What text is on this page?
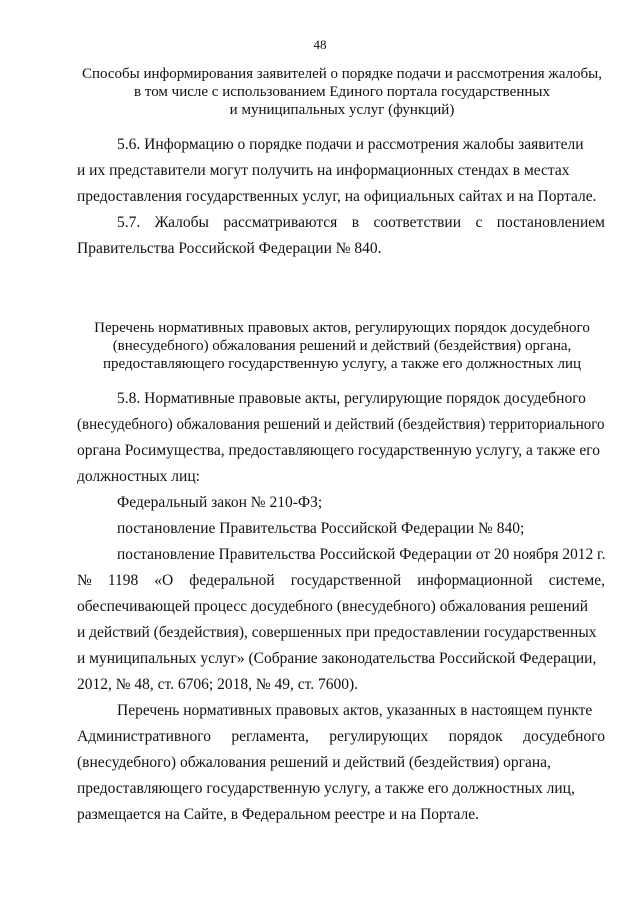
48
Способы информирования заявителей о порядке подачи и рассмотрения жалобы,
в том числе с использованием Единого портала государственных
и муниципальных услуг (функций)
5.6. Информацию о порядке подачи и рассмотрения жалобы заявители
и их представители могут получить на информационных стендах в местах
предоставления государственных услуг, на официальных сайтах и на Портале.
5.7. Жалобы рассматриваются в соответствии с постановлением
Правительства Российской Федерации № 840.
Перечень нормативных правовых актов, регулирующих порядок досудебного
(внесудебного) обжалования решений и действий (бездействия) органа,
предоставляющего государственную услугу, а также его должностных лиц
5.8. Нормативные правовые акты, регулирующие порядок досудебного
(внесудебного) обжалования решений и действий (бездействия) территориального
органа Росимущества, предоставляющего государственную услугу, а также его
должностных лиц:
Федеральный закон № 210-ФЗ;
постановление Правительства Российской Федерации № 840;
постановление Правительства Российской Федерации от 20 ноября 2012 г.
№ 1198 «О федеральной государственной информационной системе,
обеспечивающей процесс досудебного (внесудебного) обжалования решений
и действий (бездействия), совершенных при предоставлении государственных
и муниципальных услуг» (Собрание законодательства Российской Федерации,
2012, № 48, ст. 6706; 2018, № 49, ст. 7600).
Перечень нормативных правовых актов, указанных в настоящем пункте
Административного регламента, регулирующих порядок досудебного
(внесудебного) обжалования решений и действий (бездействия) органа,
предоставляющего государственную услугу, а также его должностных лиц,
размещается на Сайте, в Федеральном реестре и на Портале.
